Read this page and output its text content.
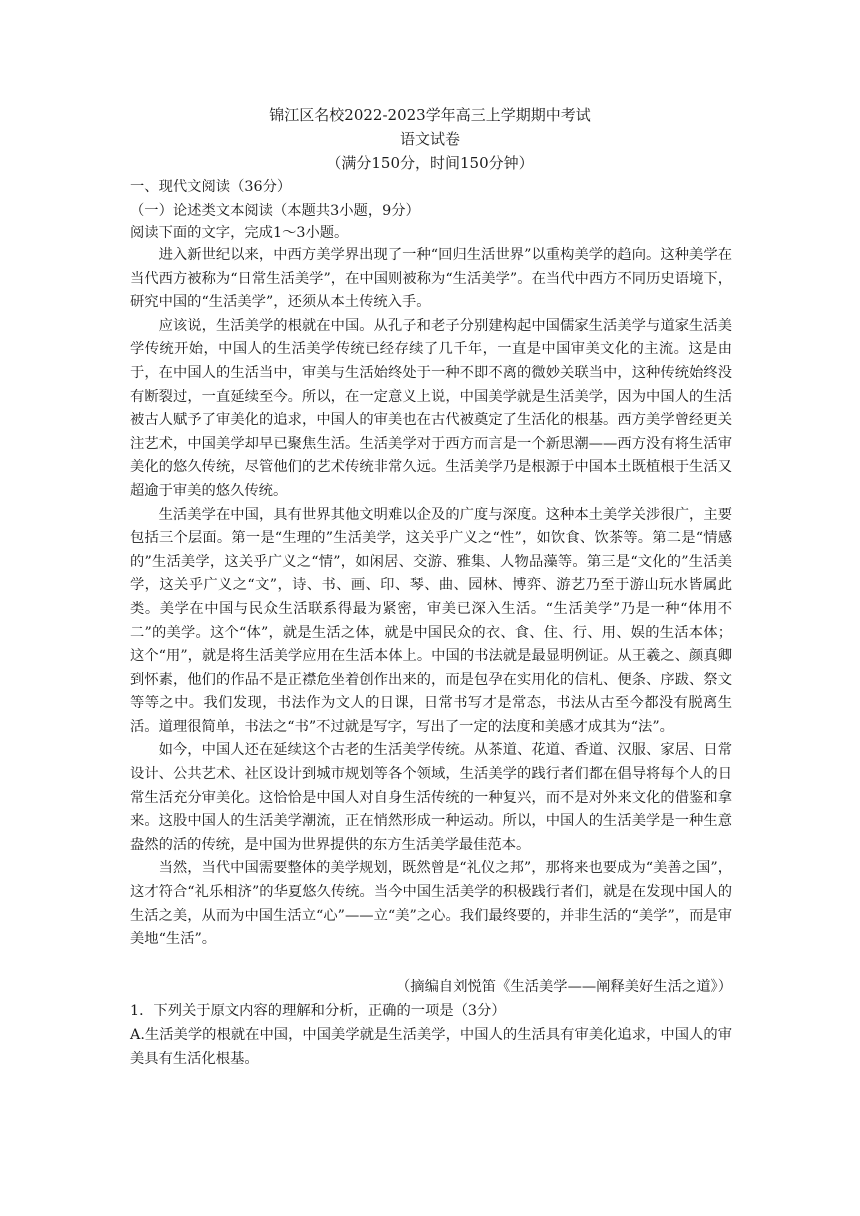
锦江区名校2022-2023学年高三上学期期中考试
语文试卷
（满分150分，时间150分钟）
一、现代文阅读（36分）
（一）论述类文本阅读（本题共3小题，9分）
阅读下面的文字，完成1～3小题。

进入新世纪以来，中西方美学界出现了一种“回归生活世界”以重构美学的趋向。这种美学在当代西方被称为“日常生活美学”，在中国则被称为“生活美学”。在当代中西方不同历史语境下，研究中国的“生活美学”，还须从本土传统入手。

应该说，生活美学的根就在中国。从孔子和老子分别建构起中国儒家生活美学与道家生活美学传统开始，中国人的生活美学传统已经存续了几千年，一直是中国审美文化的主流。这是由于，在中国人的生活当中，审美与生活始终处于一种不即不离的微妙关联当中，这种传统始终没有断裂过，一直延续至今。所以，在一定意义上说，中国美学就是生活美学，因为中国人的生活被古人赋予了审美化的追求，中国人的审美也在古代被奠定了生活化的根基。西方美学曾经更关注艺术，中国美学却早已聚焦生活。生活美学对于西方而言是一个新思潮——西方没有将生活审美化的悠久传统，尽管他们的艺术传统非常久远。生活美学乃是根源于中国本土既植根于生活又超逾于审美的悠久传统。

生活美学在中国，具有世界其他文明难以企及的广度与深度。这种本土美学关涉很广，主要包括三个层面。第一是“生理的”生活美学，这关乎广义之“性”，如饮食、饮茶等。第二是“情感的”生活美学，这关乎广义之“情”，如闲居、交游、雅集、人物品藻等。第三是“文化的”生活美学，这关乎广义之“文”，诗、书、画、印、琴、曲、园林、博弈、游艺乃至于游山玩水皆属此类。美学在中国与民众生活联系得最为紧密，审美已深入生活。“生活美学”乃是一种“体用不二”的美学。这个“体”，就是生活之体，就是中国民众的衣、食、住、行、用、娱的生活本体；这个“用”，就是将生活美学应用在生活本体上。中国的书法就是最显明例证。从王羲之、颜真卿到怀素，他们的作品不是正襟危坐着创作出来的，而是包孕在实用化的信札、便条、序跋、祭文等等之中。我们发现，书法作为文人的日课，日常书写才是常态，书法从古至今都没有脱离生活。道理很简单，书法之“书”不过就是写字，写出了一定的法度和美感才成其为“法”。

如今，中国人还在延续这个古老的生活美学传统。从茶道、花道、香道、汉服、家居、日常设计、公共艺术、社区设计到城市规划等各个领域，生活美学的践行者们都在倡导将每个人的日常生活充分审美化。这恰恰是中国人对自身生活传统的一种复兴，而不是对外来文化的借鉴和拿来。这股中国人的生活美学潮流，正在悄然形成一种运动。所以，中国人的生活美学是一种生意盎然的活的传统，是中国为世界提供的东方生活美学最佳范本。

当然，当代中国需要整体的美学规划，既然曾是“礼仪之邦”，那将来也要成为“美善之国”，这才符合“礼乐相济”的华夏悠久传统。当今中国生活美学的积极践行者们，就是在发现中国人的生活之美，从而为中国生活立“心”——立“美”之心。我们最终要的，并非生活的“美学”，而是审美地“生活”。

（摘编自刘悦笛《生活美学——阐释美好生活之道》）
1．下列关于原文内容的理解和分析，正确的一项是（3分）
A.生活美学的根就在中国，中国美学就是生活美学，中国人的生活具有审美化追求，中国人的审美具有生活化根基。
